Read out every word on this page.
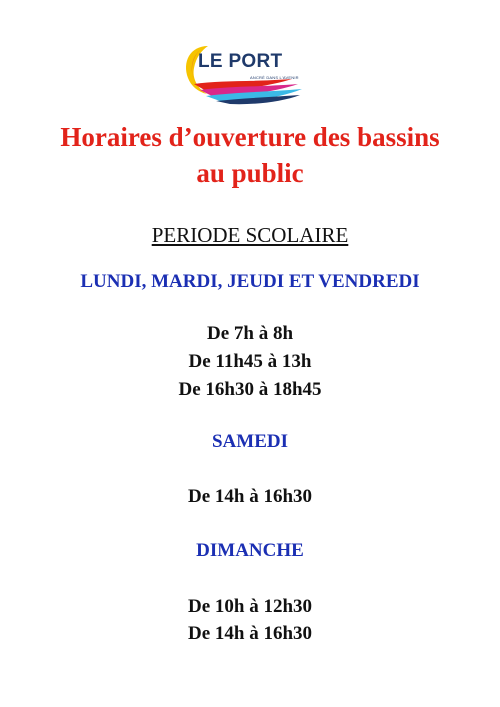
LE PORT
ANCRÉ DANS L'AVENIR
Horaires d’ouverture des bassins
au public
PERIODE SCOLAIRE
LUNDI, MARDI, JEUDI ET VENDREDI
De 7h à 8h
De 11h45 à 13h
De 16h30 à 18h45
SAMEDI
De 14h à 16h30
DIMANCHE
De 10h à 12h30
De 14h à 16h30
